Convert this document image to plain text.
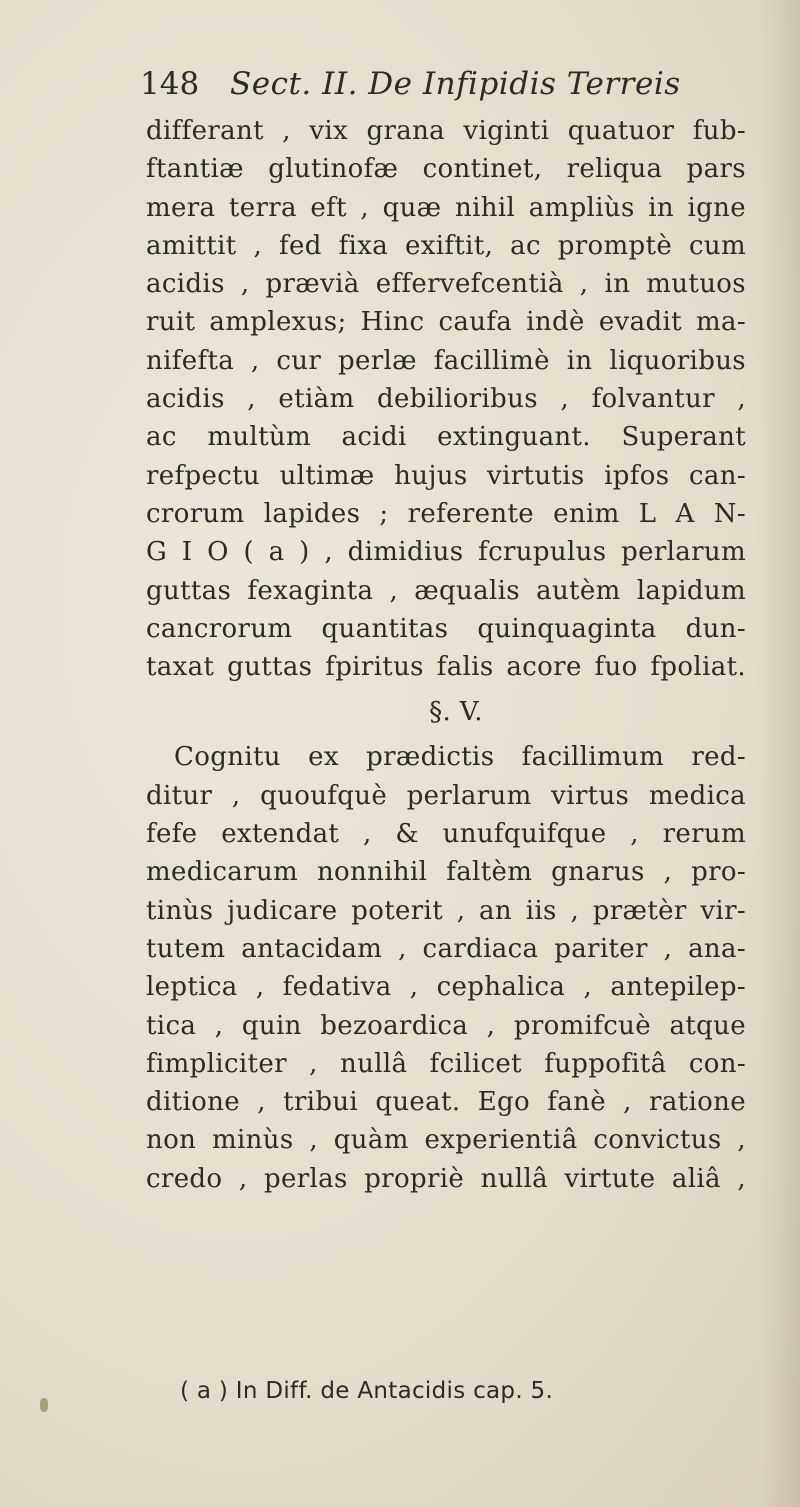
148 Sect. II. De Infipidis Terreis
differant , vix grana viginti quatuor fub-
ftantiæ glutinofæ continet, reliqua pars
mera terra eft , quæ nihil ampliùs in igne
amittit , fed fixa exiftit, ac promptè cum
acidis , prævià effervefcentià , in mutuos
ruit amplexus; Hinc caufa indè evadit ma-
nifefta , cur perlæ facillimè in liquoribus
acidis , etiàm debilioribus , folvantur ,
ac multùm acidi extinguant. Superant
refpectu ultimæ hujus virtutis ipfos can-
crorum lapides ; referente enim L A N-
G I O ( a ) , dimidius fcrupulus perlarum
guttas fexaginta , æqualis autèm lapidum
cancrorum quantitas quinquaginta dun-
taxat guttas fpiritus falis acore fuo fpoliat.
§. V.
Cognitu ex prædictis facillimum red-
ditur , quoufquè perlarum virtus medica
fefe extendat , & unufquifque , rerum
medicarum nonnihil faltèm gnarus , pro-
tinùs judicare poterit , an iis , prætèr vir-
tutem antacidam , cardiaca pariter , ana-
leptica , fedativa , cephalica , antepilep-
tica , quin bezoardica , promifcuè atque
fimpliciter , nullâ fcilicet fuppofitâ con-
ditione , tribui queat. Ego fanè , ratione
non minùs , quàm experientiâ convictus ,
credo , perlas propriè nullâ virtute aliâ ,
( a ) In Diff. de Antacidis cap. 5.
